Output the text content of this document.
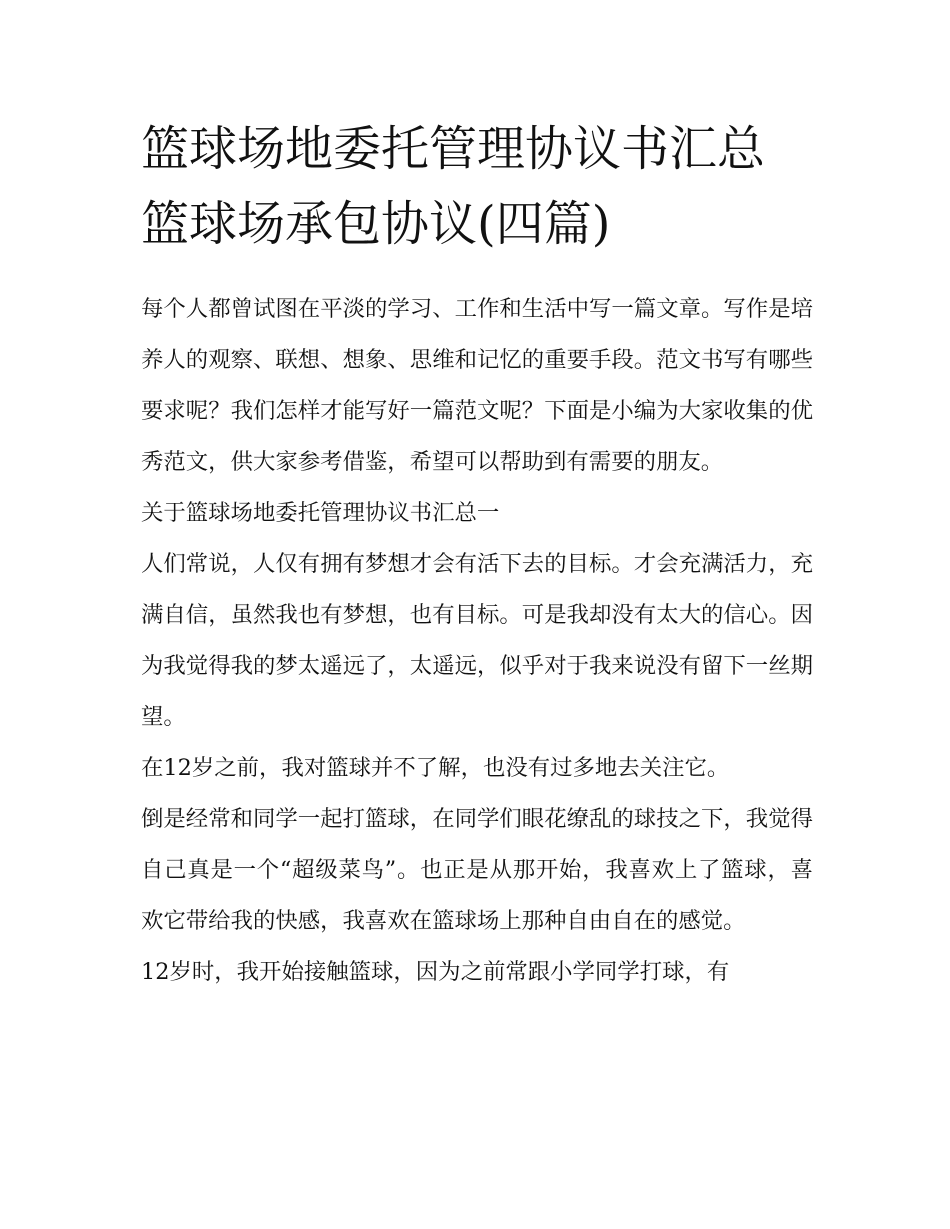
篮球场地委托管理协议书汇总
篮球场承包协议(四篇)

每个人都曾试图在平淡的学习、工作和生活中写一篇文章。写作是培养人的观察、联想、想象、思维和记忆的重要手段。范文书写有哪些要求呢？我们怎样才能写好一篇范文呢？下面是小编为大家收集的优秀范文，供大家参考借鉴，希望可以帮助到有需要的朋友。

关于篮球场地委托管理协议书汇总一

人们常说，人仅有拥有梦想才会有活下去的目标。才会充满活力，充满自信，虽然我也有梦想，也有目标。可是我却没有太大的信心。因为我觉得我的梦太遥远了，太遥远，似乎对于我来说没有留下一丝期望。

在12岁之前，我对篮球并不了解，也没有过多地去关注它。

倒是经常和同学一起打篮球，在同学们眼花缭乱的球技之下，我觉得自己真是一个“超级菜鸟”。也正是从那开始，我喜欢上了篮球，喜欢它带给我的快感，我喜欢在篮球场上那种自由自在的感觉。

12岁时，我开始接触篮球，因为之前常跟小学同学打球，有
